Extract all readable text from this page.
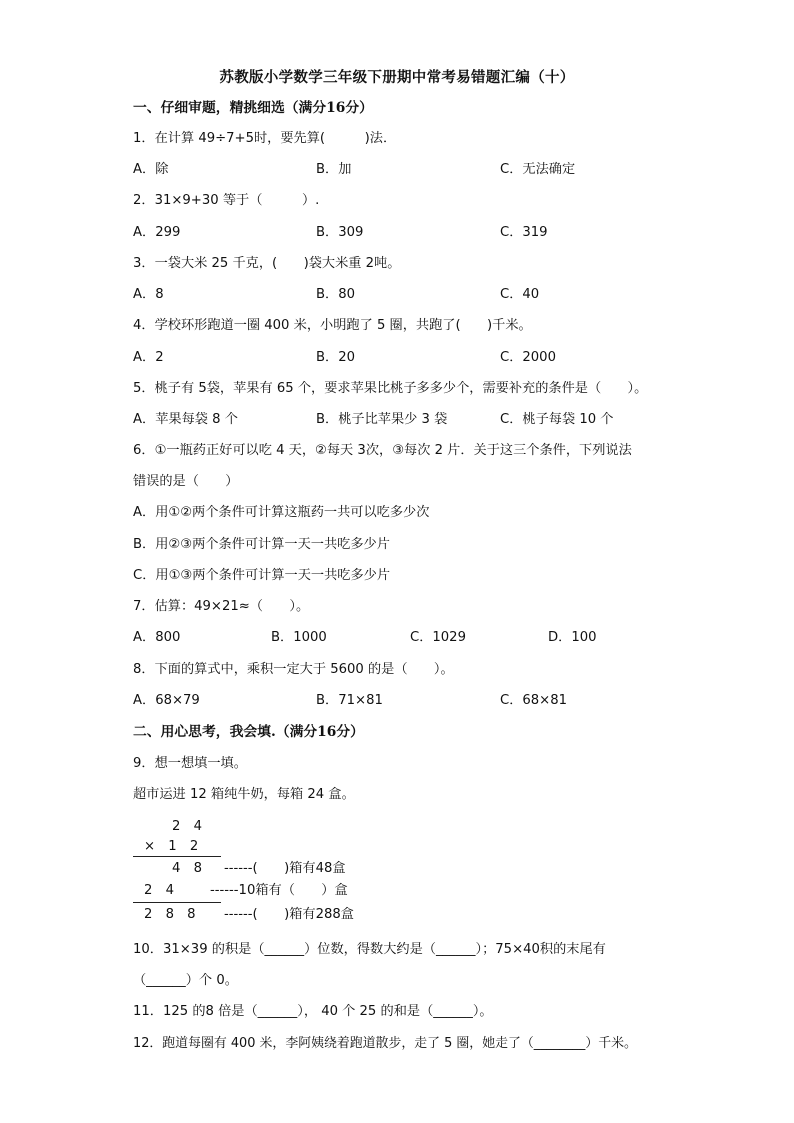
苏教版小学数学三年级下册期中常考易错题汇编（十）
一、仔细审题，精挑细选（满分16分）
1．在计算 49÷7+5时，要先算(　　　)法．
A．除	B．加	C．无法确定
2．31×9+30 等于（　　　）.
A．299	B．309	C．319
3．一袋大米 25 千克，(　　)袋大米重 2吨。
A．8	B．80	C．40
4．学校环形跑道一圈 400 米，小明跑了 5 圈，共跑了(　　)千米。
A．2	B．20	C．2000
5．桃子有 5袋，苹果有 65 个，要求苹果比桃子多多少个，需要补充的条件是（　　）。
A．苹果每袋 8 个	B．桃子比苹果少 3 袋	C．桃子每袋 10 个
6．①一瓶药正好可以吃 4 天，②每天 3次，③每次 2 片．关于这三个条件，下列说法
错误的是（　　）
A．用①②两个条件可计算这瓶药一共可以吃多少次
B．用②③两个条件可计算一天一共吃多少片
C．用①③两个条件可计算一天一共吃多少片
7．估算：49×21≈（　　）。
A．800	B．1000	C．1029	D．100
8．下面的算式中，乘积一定大于 5600 的是（　　）。
A．68×79	B．71×81	C．68×81
二、用心思考，我会填.（满分16分）
9．想一想填一填。
超市运进 12 箱纯牛奶，每箱 24 盒。
2　4
×　1　2
4　8 ------(　　)箱有48盒
2　4	------10箱有（　　）盒
2　8　8 ------(　　)箱有288盒
10．31×39 的积是（______）位数，得数大约是（______）；75×40积的末尾有
（______）个 0。
11．125 的8 倍是（______）， 40 个 25 的和是（______）。
12．跑道每圈有 400 米，李阿姨绕着跑道散步，走了 5 圈，她走了（________）千米。
